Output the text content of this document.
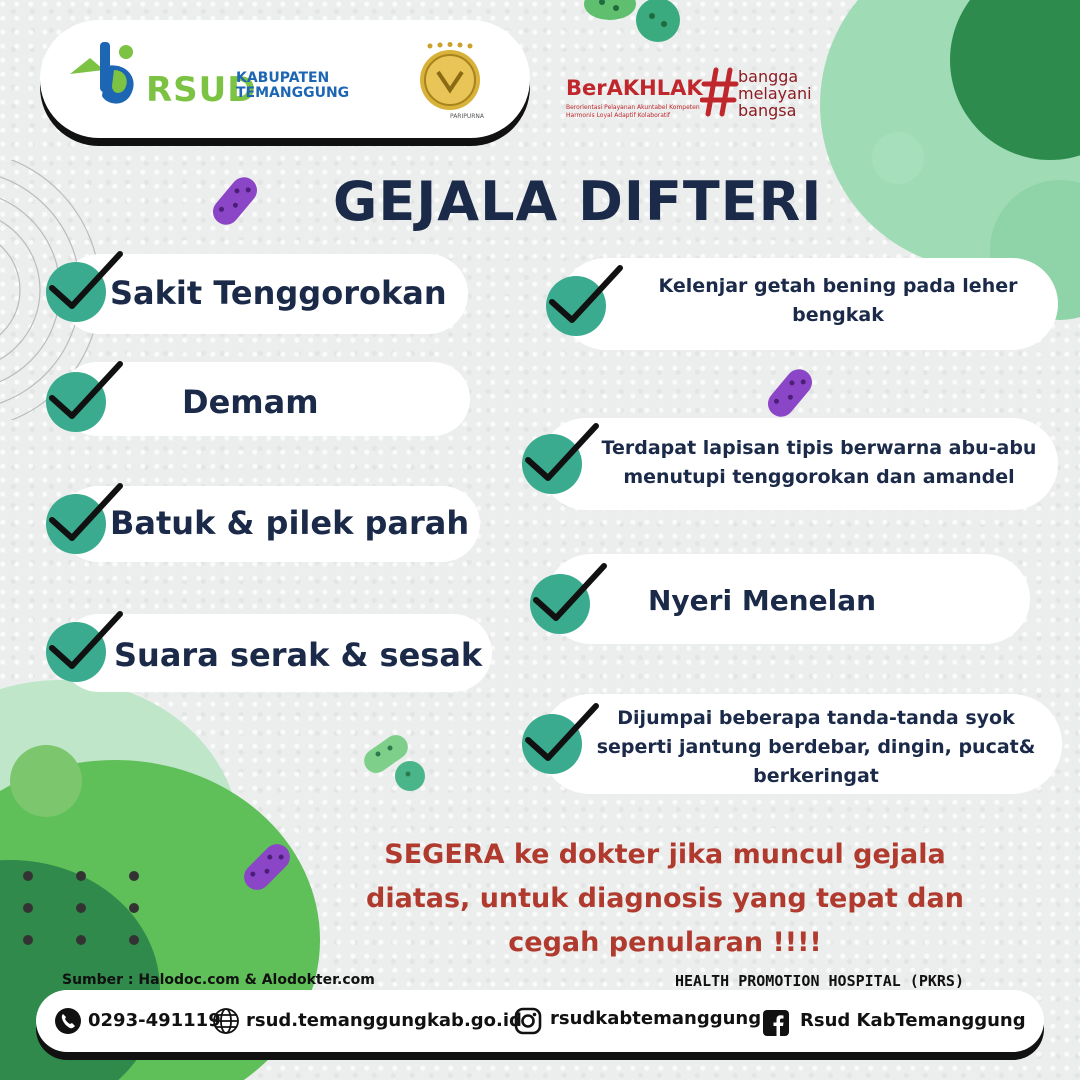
RSUD
KABUPATEN
TEMANGGUNG
PARIPURNA
BerAKHLAK
Berorientasi Pelayanan Akuntabel Kompeten Harmonis Loyal Adaptif Kolaboratif
bangga
melayani
bangsa
GEJALA DIFTERI
Sakit Tenggorokan
Demam
Batuk & pilek parah
Suara serak & sesak
Kelenjar getah bening pada leher
bengkak
Terdapat lapisan tipis berwarna abu-abu
menutupi tenggorokan dan amandel
Nyeri Menelan
Dijumpai beberapa tanda-tanda syok
seperti jantung berdebar, dingin, pucat&
berkeringat
SEGERA ke dokter jika muncul gejala
diatas, untuk diagnosis yang tepat dan
cegah penularan !!!!
Sumber : Halodoc.com & Alodokter.com	HEALTH PROMOTION HOSPITAL (PKRS)
0293-491119 rsud.temanggungkab.go.id rsudkabtemanggung Rsud KabTemanggung
